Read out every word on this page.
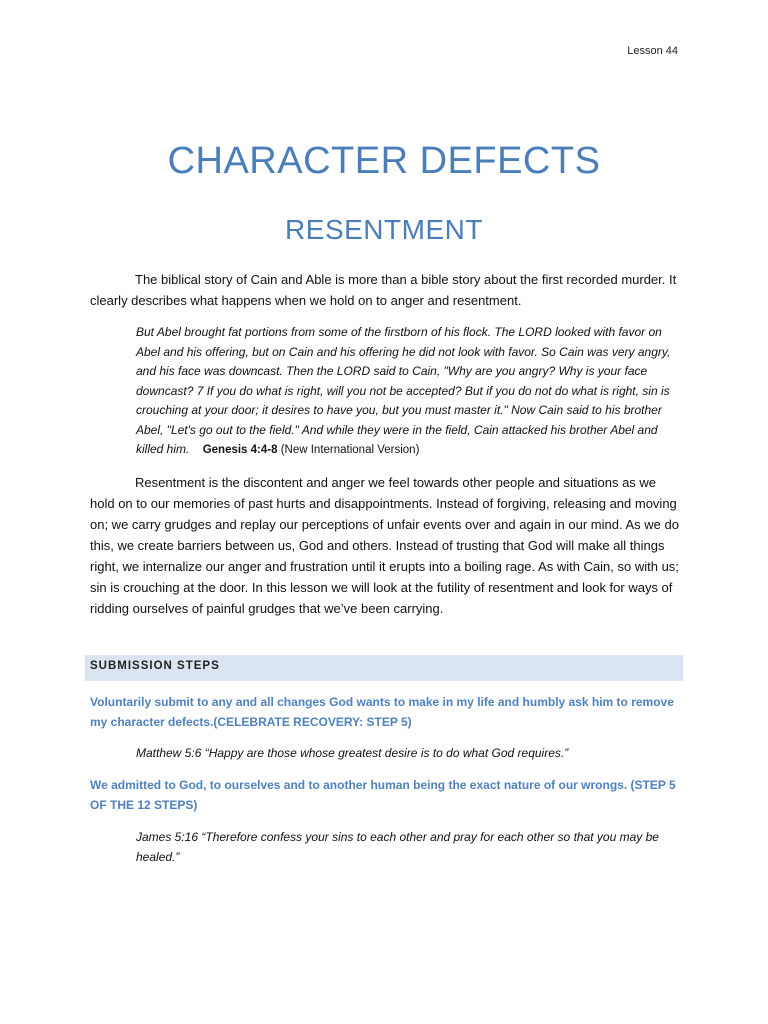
Lesson 44
CHARACTER DEFECTS
RESENTMENT

The biblical story of Cain and Able is more than a bible story about the first recorded murder. It clearly describes what happens when we hold on to anger and resentment.

But Abel brought fat portions from some of the firstborn of his flock. The LORD looked with favor on Abel and his offering, but on Cain and his offering he did not look with favor. So Cain was very angry, and his face was downcast. Then the LORD said to Cain, "Why are you angry? Why is your face downcast? 7 If you do what is right, will you not be accepted? But if you do not do what is right, sin is crouching at your door; it desires to have you, but you must master it." Now Cain said to his brother Abel, "Let's go out to the field." And while they were in the field, Cain attacked his brother Abel and killed him. Genesis 4:4-8 (New International Version)

Resentment is the discontent and anger we feel towards other people and situations as we hold on to our memories of past hurts and disappointments. Instead of forgiving, releasing and moving on; we carry grudges and replay our perceptions of unfair events over and again in our mind. As we do this, we create barriers between us, God and others. Instead of trusting that God will make all things right, we internalize our anger and frustration until it erupts into a boiling rage. As with Cain, so with us; sin is crouching at the door. In this lesson we will look at the futility of resentment and look for ways of ridding ourselves of painful grudges that we’ve been carrying.

SUBMISSION STEPS

Voluntarily submit to any and all changes God wants to make in my life and humbly ask him to remove my character defects.(CELEBRATE RECOVERY: STEP 5)

Matthew 5:6 “Happy are those whose greatest desire is to do what God requires.”

We admitted to God, to ourselves and to another human being the exact nature of our wrongs. (STEP 5 OF THE 12 STEPS)

James 5:16 “Therefore confess your sins to each other and pray for each other so that you may be healed.”
